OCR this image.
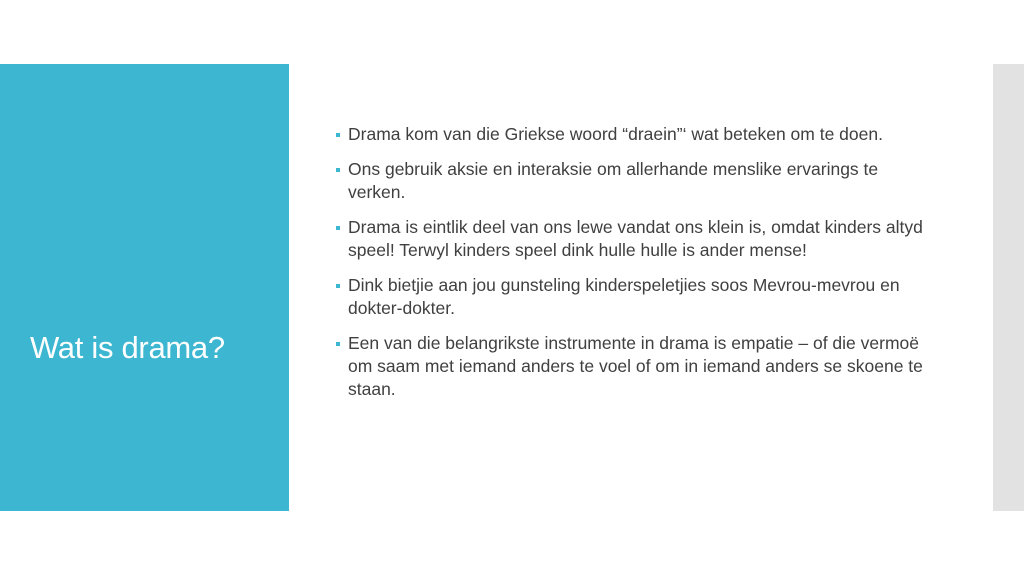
Wat is drama?
Drama kom van die Griekse woord “draein”‘ wat beteken om te doen.
Ons gebruik aksie en interaksie om allerhande menslike ervarings te verken.
Drama is eintlik deel van ons lewe vandat ons klein is, omdat kinders altyd speel! Terwyl kinders speel dink hulle hulle is ander mense!
Dink bietjie aan jou gunsteling kinderspeletjies soos Mevrou-mevrou en dokter-dokter.
Een van die belangrikste instrumente in drama is empatie – of die vermoë om saam met iemand anders te voel of om in iemand anders se skoene te staan.
